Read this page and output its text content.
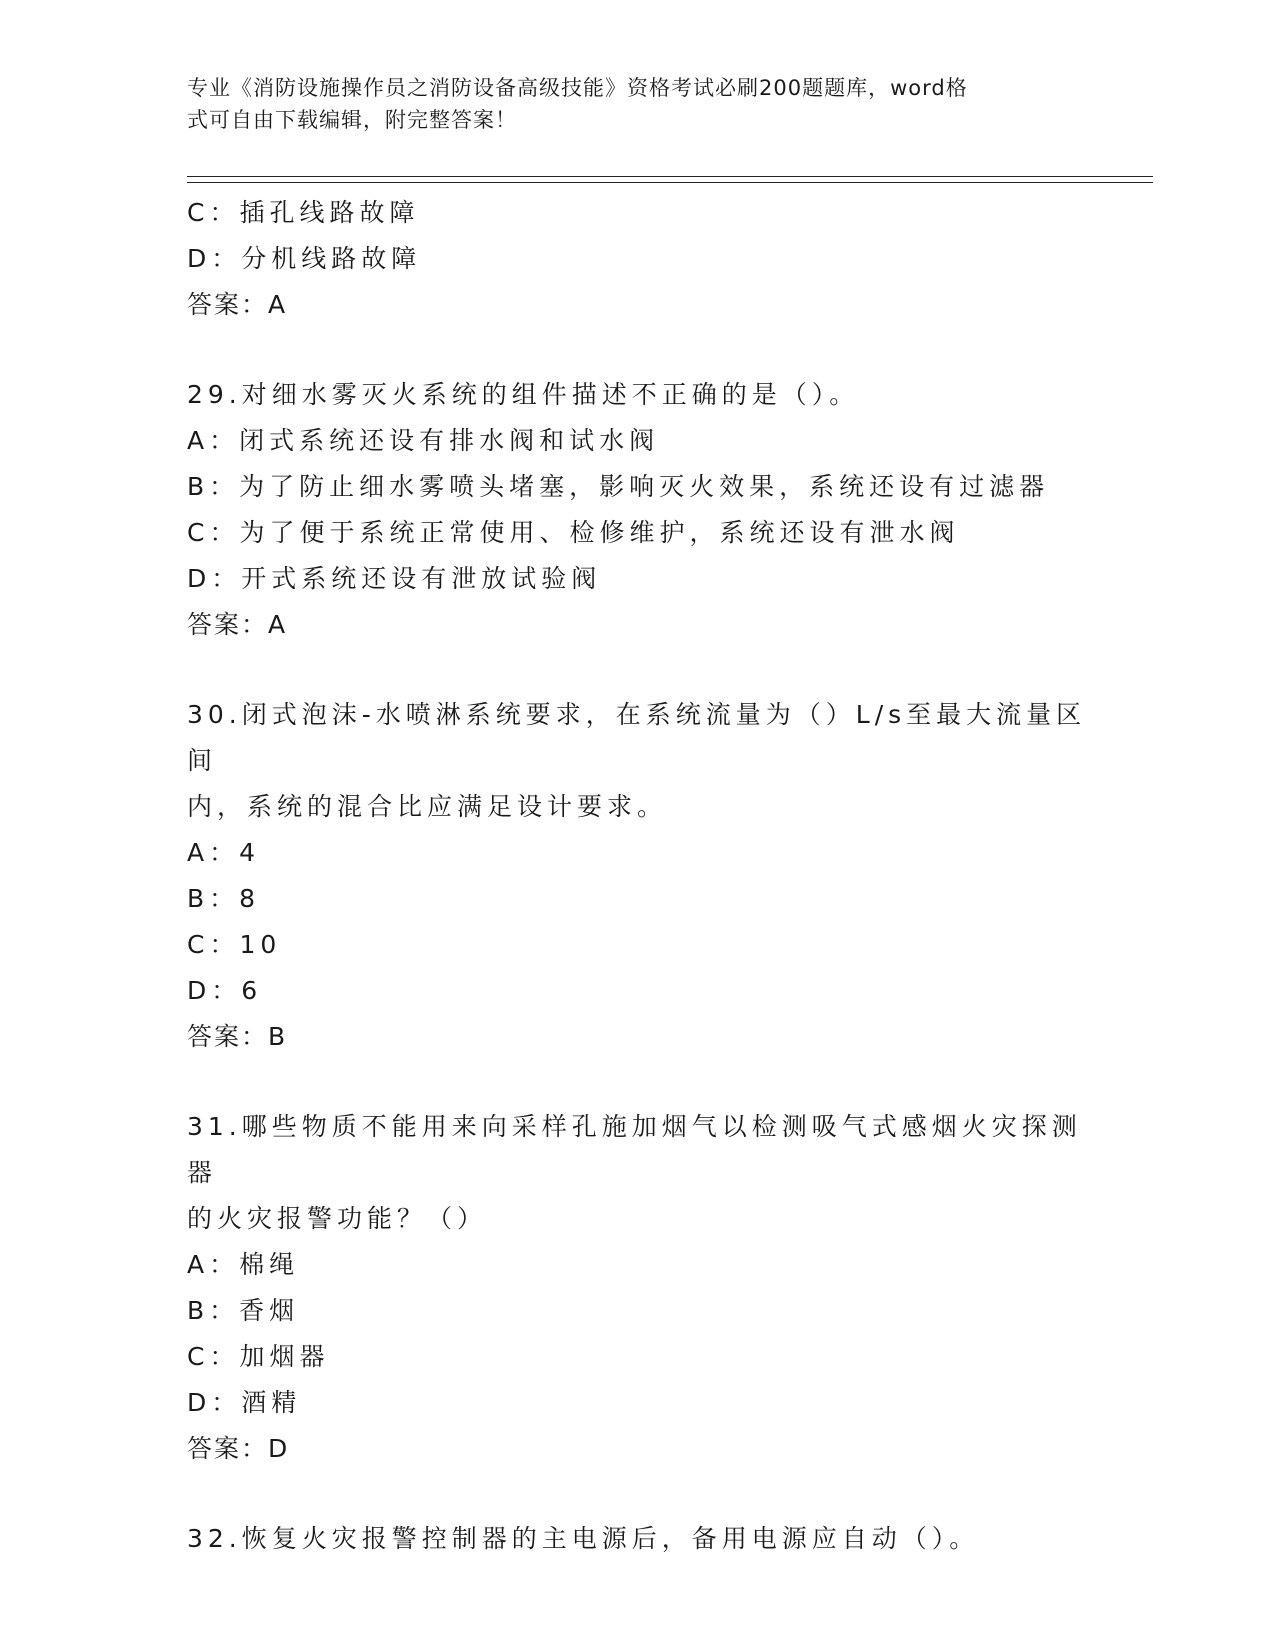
专业《消防设施操作员之消防设备高级技能》资格考试必刷200题题库，word格
式可自由下载编辑，附完整答案！
C：插孔线路故障
D：分机线路故障
答案：A
29.对细水雾灭火系统的组件描述不正确的是（）。
A：闭式系统还设有排水阀和试水阀
B：为了防止细水雾喷头堵塞，影响灭火效果，系统还设有过滤器
C：为了便于系统正常使用、检修维护，系统还设有泄水阀
D：开式系统还设有泄放试验阀
答案：A
30.闭式泡沫-水喷淋系统要求，在系统流量为（）L/s至最大流量区间
内，系统的混合比应满足设计要求。
A：4
B：8
C：10
D：6
答案：B
31.哪些物质不能用来向采样孔施加烟气以检测吸气式感烟火灾探测器
的火灾报警功能？（）
A：棉绳
B：香烟
C：加烟器
D：酒精
答案：D
32.恢复火灾报警控制器的主电源后，备用电源应自动（）。
